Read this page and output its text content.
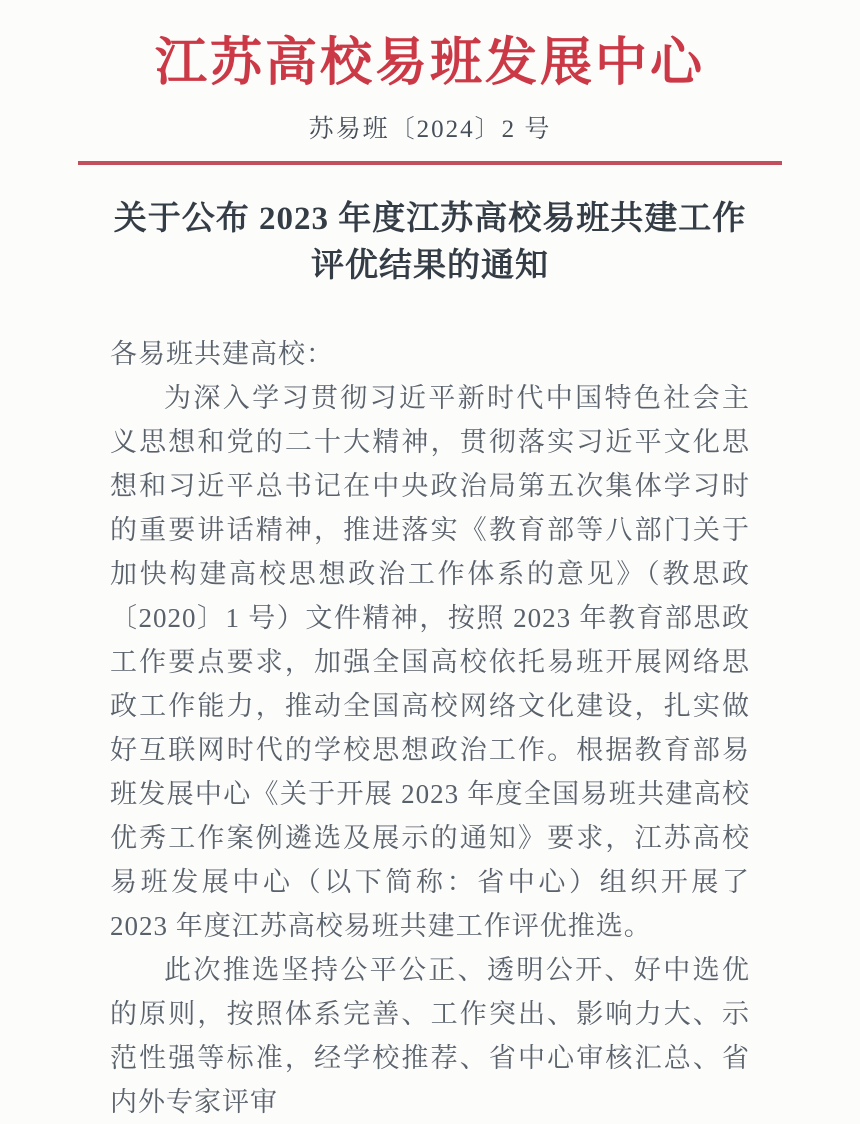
江苏高校易班发展中心
苏易班〔2024〕2 号
关于公布 2023 年度江苏高校易班共建工作
评优结果的通知

各易班共建高校：

为深入学习贯彻习近平新时代中国特色社会主义思想和党的二十大精神，贯彻落实习近平文化思想和习近平总书记在中央政治局第五次集体学习时的重要讲话精神，推进落实《教育部等八部门关于加快构建高校思想政治工作体系的意见》（教思政〔2020〕1 号）文件精神，按照 2023 年教育部思政工作要点要求，加强全国高校依托易班开展网络思政工作能力，推动全国高校网络文化建设，扎实做好互联网时代的学校思想政治工作。根据教育部易班发展中心《关于开展 2023 年度全国易班共建高校优秀工作案例遴选及展示的通知》要求，江苏高校易班发展中心（以下简称：省中心）组织开展了 2023 年度江苏高校易班共建工作评优推选。

此次推选坚持公平公正、透明公开、好中选优的原则，按照体系完善、工作突出、影响力大、示范性强等标准，经学校推荐、省中心审核汇总、省内外专家评审
